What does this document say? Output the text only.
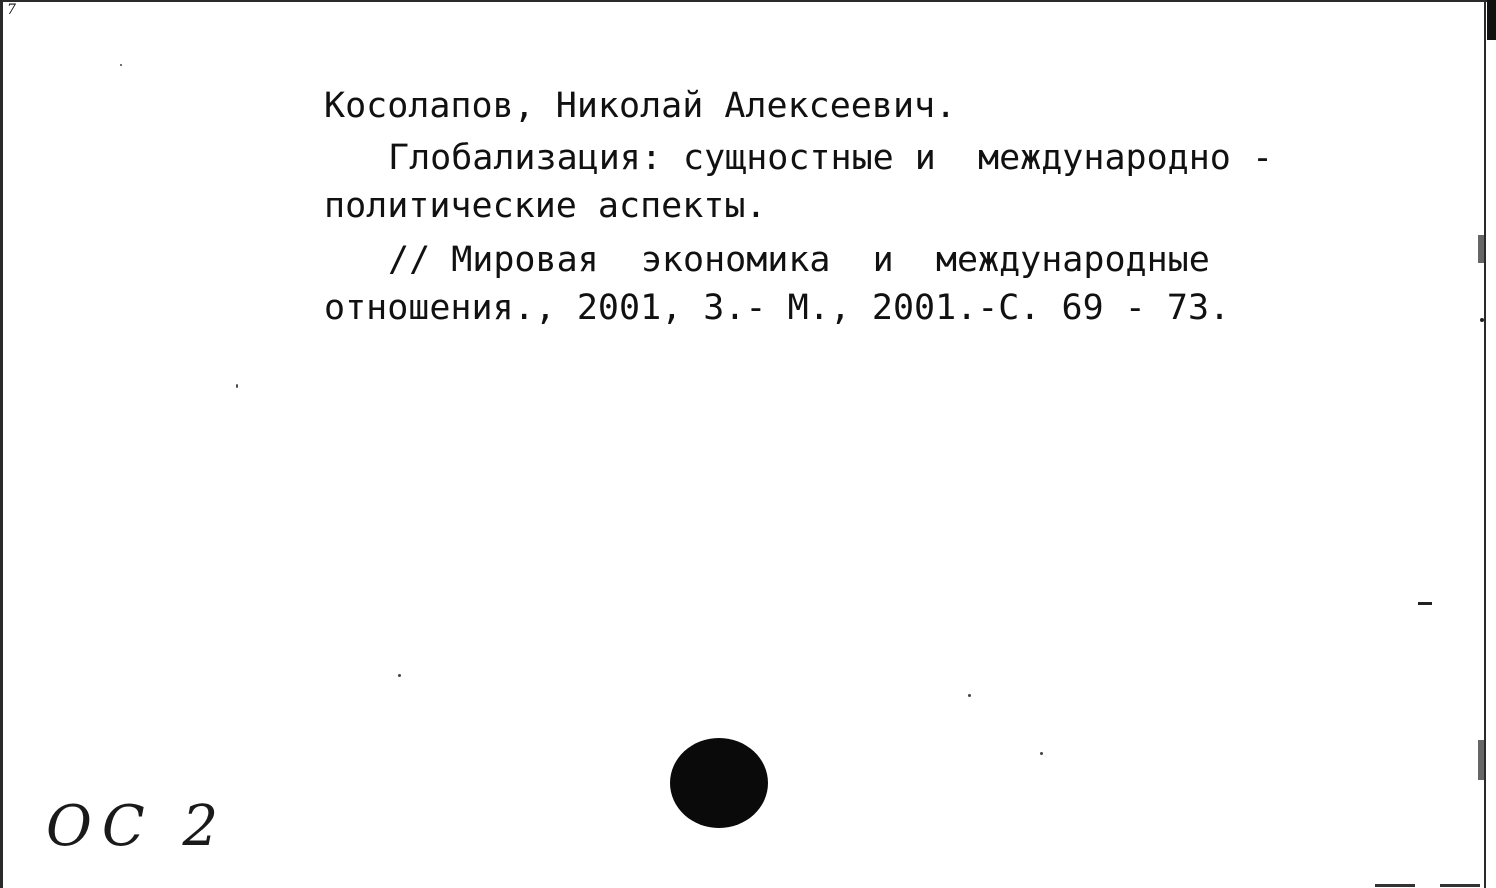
7
Косолапов, Николай Алексеевич.
Глобализация: сущностные и  международно -
политические аспекты.
// Мировая  экономика  и  международные
отношения., 2001, 3.- М., 2001.-С. 69 - 73.
ОС 2
